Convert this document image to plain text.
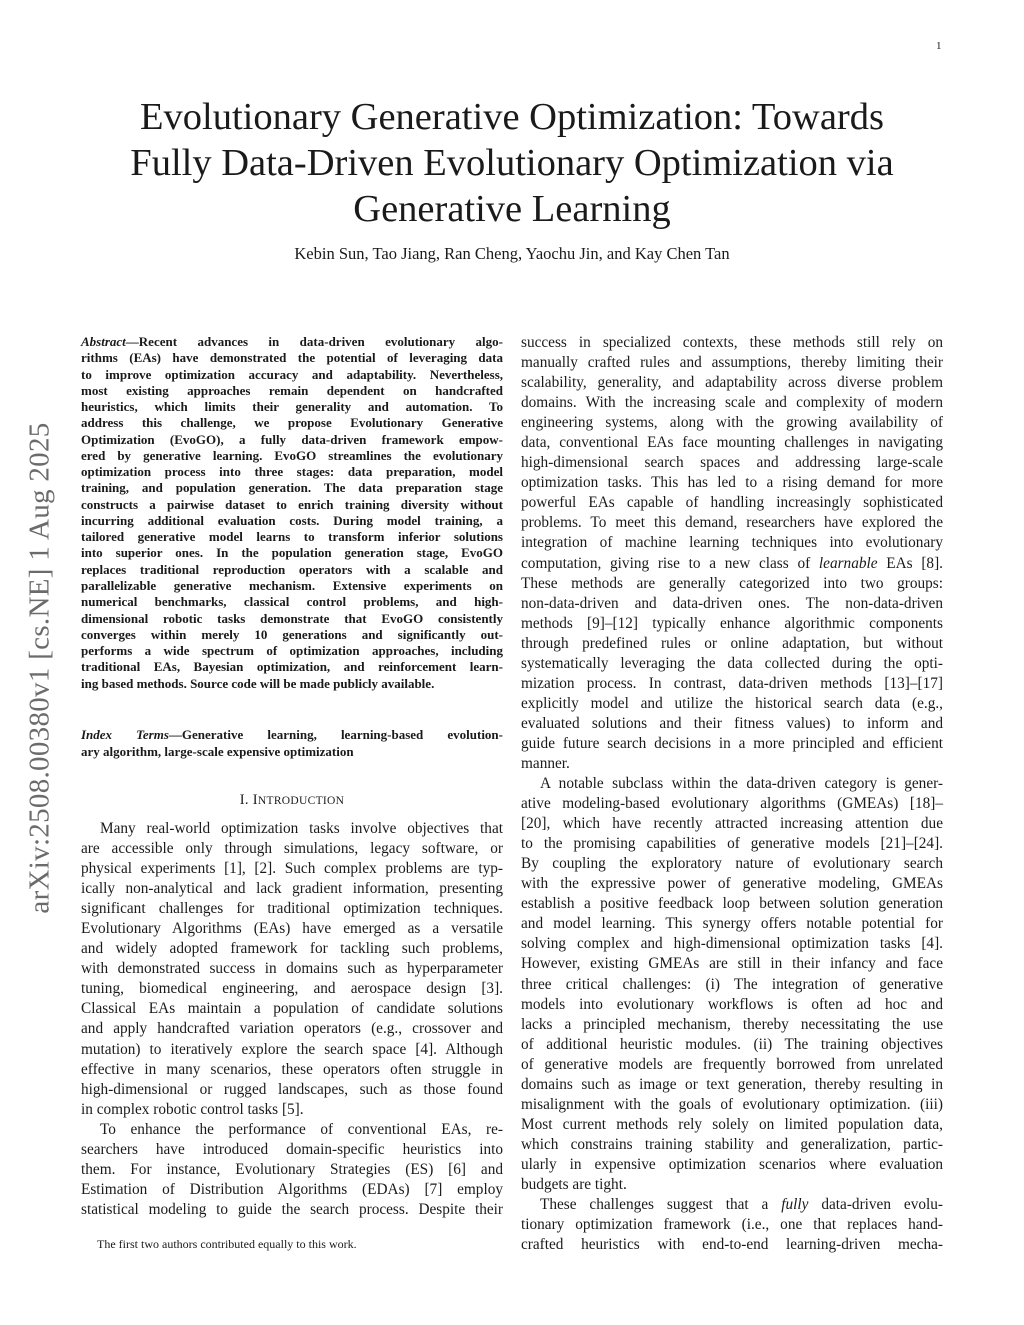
1
arXiv:2508.00380v1 [cs.NE] 1 Aug 2025
Evolutionary Generative Optimization: Towards
Fully Data-Driven Evolutionary Optimization via
Generative Learning
Kebin Sun, Tao Jiang, Ran Cheng, Yaochu Jin, and Kay Chen Tan
Abstract—Recent advances in data-driven evolutionary algo-
rithms (EAs) have demonstrated the potential of leveraging data
to improve optimization accuracy and adaptability. Nevertheless,
most existing approaches remain dependent on handcrafted
heuristics, which limits their generality and automation. To
address this challenge, we propose Evolutionary Generative
Optimization (EvoGO), a fully data-driven framework empow-
ered by generative learning. EvoGO streamlines the evolutionary
optimization process into three stages: data preparation, model
training, and population generation. The data preparation stage
constructs a pairwise dataset to enrich training diversity without
incurring additional evaluation costs. During model training, a
tailored generative model learns to transform inferior solutions
into superior ones. In the population generation stage, EvoGO
replaces traditional reproduction operators with a scalable and
parallelizable generative mechanism. Extensive experiments on
numerical benchmarks, classical control problems, and high-
dimensional robotic tasks demonstrate that EvoGO consistently
converges within merely 10 generations and significantly out-
performs a wide spectrum of optimization approaches, including
traditional EAs, Bayesian optimization, and reinforcement learn-
ing based methods. Source code will be made publicly available.
Index Terms—Generative learning, learning-based evolution-
ary algorithm, large-scale expensive optimization
I. INTRODUCTION
Many real-world optimization tasks involve objectives that
are accessible only through simulations, legacy software, or
physical experiments [1], [2]. Such complex problems are typ-
ically non-analytical and lack gradient information, presenting
significant challenges for traditional optimization techniques.
Evolutionary Algorithms (EAs) have emerged as a versatile
and widely adopted framework for tackling such problems,
with demonstrated success in domains such as hyperparameter
tuning, biomedical engineering, and aerospace design [3].
Classical EAs maintain a population of candidate solutions
and apply handcrafted variation operators (e.g., crossover and
mutation) to iteratively explore the search space [4]. Although
effective in many scenarios, these operators often struggle in
high-dimensional or rugged landscapes, such as those found
in complex robotic control tasks [5].
To enhance the performance of conventional EAs, re-
searchers have introduced domain-specific heuristics into
them. For instance, Evolutionary Strategies (ES) [6] and
Estimation of Distribution Algorithms (EDAs) [7] employ
statistical modeling to guide the search process. Despite their
The first two authors contributed equally to this work.
success in specialized contexts, these methods still rely on
manually crafted rules and assumptions, thereby limiting their
scalability, generality, and adaptability across diverse problem
domains. With the increasing scale and complexity of modern
engineering systems, along with the growing availability of
data, conventional EAs face mounting challenges in navigating
high-dimensional search spaces and addressing large-scale
optimization tasks. This has led to a rising demand for more
powerful EAs capable of handling increasingly sophisticated
problems. To meet this demand, researchers have explored the
integration of machine learning techniques into evolutionary
computation, giving rise to a new class of learnable EAs [8].
These methods are generally categorized into two groups:
non-data-driven and data-driven ones. The non-data-driven
methods [9]–[12] typically enhance algorithmic components
through predefined rules or online adaptation, but without
systematically leveraging the data collected during the opti-
mization process. In contrast, data-driven methods [13]–[17]
explicitly model and utilize the historical search data (e.g.,
evaluated solutions and their fitness values) to inform and
guide future search decisions in a more principled and efficient
manner.
A notable subclass within the data-driven category is gener-
ative modeling-based evolutionary algorithms (GMEAs) [18]–
[20], which have recently attracted increasing attention due
to the promising capabilities of generative models [21]–[24].
By coupling the exploratory nature of evolutionary search
with the expressive power of generative modeling, GMEAs
establish a positive feedback loop between solution generation
and model learning. This synergy offers notable potential for
solving complex and high-dimensional optimization tasks [4].
However, existing GMEAs are still in their infancy and face
three critical challenges: (i) The integration of generative
models into evolutionary workflows is often ad hoc and
lacks a principled mechanism, thereby necessitating the use
of additional heuristic modules. (ii) The training objectives
of generative models are frequently borrowed from unrelated
domains such as image or text generation, thereby resulting in
misalignment with the goals of evolutionary optimization. (iii)
Most current methods rely solely on limited population data,
which constrains training stability and generalization, partic-
ularly in expensive optimization scenarios where evaluation
budgets are tight.
These challenges suggest that a fully data-driven evolu-
tionary optimization framework (i.e., one that replaces hand-
crafted heuristics with end-to-end learning-driven mecha-
